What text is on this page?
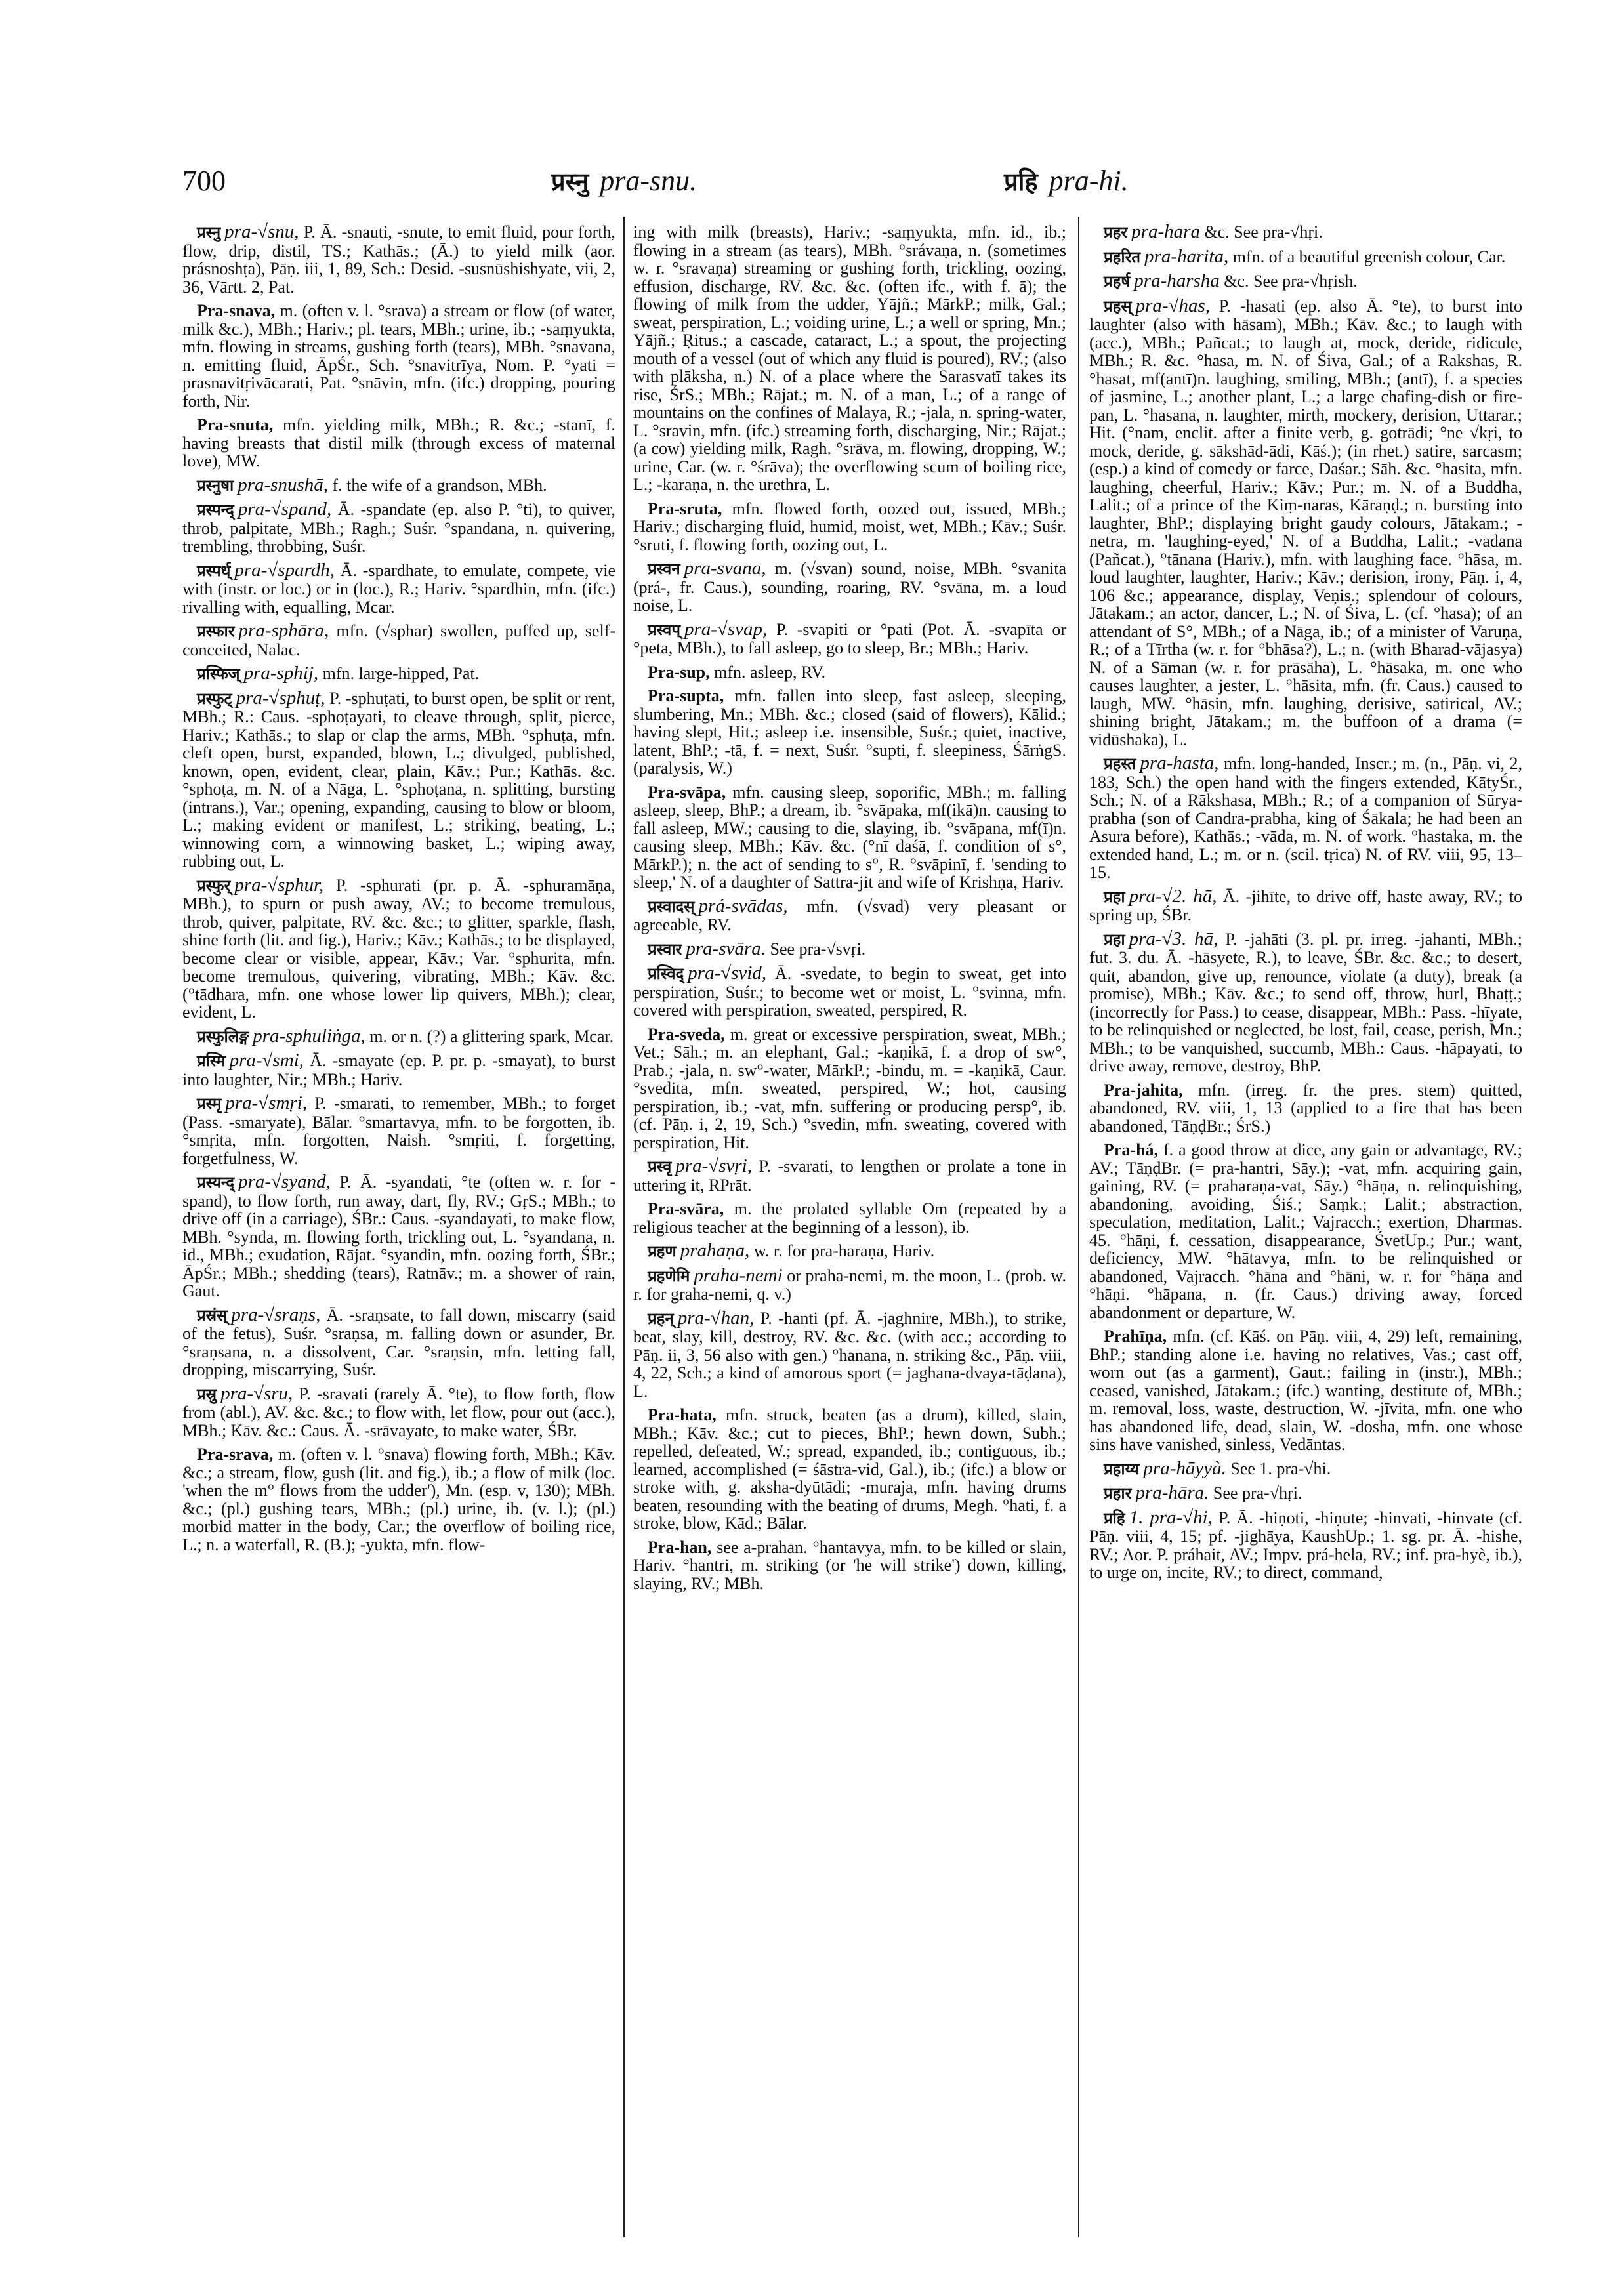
700	प्रस्नु pra-snu.	प्रहि pra-hi.

प्रस्नु pra-√snu, P. Ā. -snauti, -snute, to emit fluid, pour forth, flow, drip, distil, TS.; Kathās.; (Ā.) to yield milk (aor. prásnoshṭa), Pāṇ. iii, 1, 89, Sch.: Desid. -susnūshishyate, vii, 2, 36, Vārtt. 2, Pat.

Pra-snava, m. (often v. l. °srava) a stream or flow (of water, milk &c.), MBh.; Hariv.; pl. tears, MBh.; urine, ib.; -saṃyukta, mfn. flowing in streams, gushing forth (tears), MBh. °snavana, n. emitting fluid, ĀpŚr., Sch. °snavitrīya, Nom. P. °yati = prasnavitṛivācarati, Pat. °snāvin, mfn. (ifc.) dropping, pouring forth, Nir.

Pra-snuta, mfn. yielding milk, MBh.; R. &c.; -stanī, f. having breasts that distil milk (through excess of maternal love), MW.

प्रस्नुषा pra-snushā, f. the wife of a grandson, MBh.

प्रस्पन्द् pra-√spand, Ā. -spandate (ep. also P. °ti), to quiver, throb, palpitate, MBh.; Ragh.; Suśr. °spandana, n. quivering, trembling, throbbing, Suśr.

प्रस्पर्ध् pra-√spardh, Ā. -spardhate, to emulate, compete, vie with (instr. or loc.) or in (loc.), R.; Hariv. °spardhin, mfn. (ifc.) rivalling with, equalling, Mcar.

प्रस्फार pra-sphāra, mfn. (√sphar) swollen, puffed up, self-conceited, Nalac.

प्रस्फिज् pra-sphij, mfn. large-hipped, Pat.

प्रस्फुट् pra-√sphuṭ, P. -sphuṭati, to burst open, be split or rent, MBh.; R.: Caus. -sphoṭayati, to cleave through, split, pierce, Hariv.; Kathās.; to slap or clap the arms, MBh. °sphuṭa, mfn. cleft open, burst, expanded, blown, L.; divulged, published, known, open, evident, clear, plain, Kāv.; Pur.; Kathās. &c. °sphoṭa, m. N. of a Nāga, L. °sphoṭana, n. splitting, bursting (intrans.), Var.; opening, expanding, causing to blow or bloom, L.; making evident or manifest, L.; striking, beating, L.; winnowing corn, a winnowing basket, L.; wiping away, rubbing out, L.

प्रस्फुर् pra-√sphur, P. -sphurati (pr. p. Ā. -sphuramāṇa, MBh.), to spurn or push away, AV.; to become tremulous, throb, quiver, palpitate, RV. &c. &c.; to glitter, sparkle, flash, shine forth (lit. and fig.), Hariv.; Kāv.; Kathās.; to be displayed, become clear or visible, appear, Kāv.; Var. °sphurita, mfn. become tremulous, quivering, vibrating, MBh.; Kāv. &c. (°tādhara, mfn. one whose lower lip quivers, MBh.); clear, evident, L.

प्रस्फुलिङ्ग pra-sphuliṅga, m. or n. (?) a glittering spark, Mcar.

प्रस्मि pra-√smi, Ā. -smayate (ep. P. pr. p. -smayat), to burst into laughter, Nir.; MBh.; Hariv.

प्रस्मृ pra-√smṛi, P. -smarati, to remember, MBh.; to forget (Pass. -smaryate), Bālar. °smartavya, mfn. to be forgotten, ib. °smṛita, mfn. forgotten, Naish. °smṛiti, f. forgetting, forgetfulness, W.

प्रस्यन्द् pra-√syand, P. Ā. -syandati, °te (often w. r. for -spand), to flow forth, run away, dart, fly, RV.; GṛS.; MBh.; to drive off (in a carriage), ŚBr.: Caus. -syandayati, to make flow, MBh. °synda, m. flowing forth, trickling out, L. °syandana, n. id., MBh.; exudation, Rājat. °syandin, mfn. oozing forth, ŚBr.; ĀpŚr.; MBh.; shedding (tears), Ratnāv.; m. a shower of rain, Gaut.

प्रस्रंस् pra-√sraṇs, Ā. -sraṇsate, to fall down, miscarry (said of the fetus), Suśr. °sraṇsa, m. falling down or asunder, Br. °sraṇsana, n. a dissolvent, Car. °sraṇsin, mfn. letting fall, dropping, miscarrying, Suśr.

प्रस्रु pra-√sru, P. -sravati (rarely Ā. °te), to flow forth, flow from (abl.), AV. &c. &c.; to flow with, let flow, pour out (acc.), MBh.; Kāv. &c.: Caus. Ā. -srāvayate, to make water, ŚBr.

Pra-srava, m. (often v. l. °snava) flowing forth, MBh.; Kāv. &c.; a stream, flow, gush (lit. and fig.), ib.; a flow of milk (loc. 'when the m° flows from the udder'), Mn. (esp. v, 130); MBh. &c.; (pl.) gushing tears, MBh.; (pl.) urine, ib. (v. l.); (pl.) morbid matter in the body, Car.; the overflow of boiling rice, L.; n. a waterfall, R. (B.); -yukta, mfn. flow-

ing with milk (breasts), Hariv.; -saṃyukta, mfn. id., ib.; flowing in a stream (as tears), MBh. °srávaṇa, n. (sometimes w. r. °sravaṇa) streaming or gushing forth, trickling, oozing, effusion, discharge, RV. &c. &c. (often ifc., with f. ā); the flowing of milk from the udder, Yājñ.; MārkP.; milk, Gal.; sweat, perspiration, L.; voiding urine, L.; a well or spring, Mn.; Yājñ.; Ṛitus.; a cascade, cataract, L.; a spout, the projecting mouth of a vessel (out of which any fluid is poured), RV.; (also with plāksha, n.) N. of a place where the Sarasvatī takes its rise, ŚrS.; MBh.; Rājat.; m. N. of a man, L.; of a range of mountains on the confines of Malaya, R.; -jala, n. spring-water, L. °sravin, mfn. (ifc.) streaming forth, discharging, Nir.; Rājat.; (a cow) yielding milk, Ragh. °srāva, m. flowing, dropping, W.; urine, Car. (w. r. °śrāva); the overflowing scum of boiling rice, L.; -karaṇa, n. the urethra, L.

Pra-sruta, mfn. flowed forth, oozed out, issued, MBh.; Hariv.; discharging fluid, humid, moist, wet, MBh.; Kāv.; Suśr. °sruti, f. flowing forth, oozing out, L.

प्रस्वन pra-svana, m. (√svan) sound, noise, MBh. °svanita (prá-, fr. Caus.), sounding, roaring, RV. °svāna, m. a loud noise, L.

प्रस्वप् pra-√svap, P. -svapiti or °pati (Pot. Ā. -svapīta or °peta, MBh.), to fall asleep, go to sleep, Br.; MBh.; Hariv.

Pra-sup, mfn. asleep, RV.

Pra-supta, mfn. fallen into sleep, fast asleep, sleeping, slumbering, Mn.; MBh. &c.; closed (said of flowers), Kālid.; having slept, Hit.; asleep i.e. insensible, Suśr.; quiet, inactive, latent, BhP.; -tā, f. = next, Suśr. °supti, f. sleepiness, ŚārṅgS. (paralysis, W.)

Pra-svāpa, mfn. causing sleep, soporific, MBh.; m. falling asleep, sleep, BhP.; a dream, ib. °svāpaka, mf(ikā)n. causing to fall asleep, MW.; causing to die, slaying, ib. °svāpana, mf(ī)n. causing sleep, MBh.; Kāv. &c. (°nī daśā, f. condition of s°, MārkP.); n. the act of sending to s°, R. °svāpinī, f. 'sending to sleep,' N. of a daughter of Sattra-jit and wife of Krishṇa, Hariv.

प्रस्वादस् prá-svādas, mfn. (√svad) very pleasant or agreeable, RV.

प्रस्वार pra-svāra. See pra-√svṛi.

प्रस्विद् pra-√svid, Ā. -svedate, to begin to sweat, get into perspiration, Suśr.; to become wet or moist, L. °svinna, mfn. covered with perspiration, sweated, perspired, R.

Pra-sveda, m. great or excessive perspiration, sweat, MBh.; Vet.; Sāh.; m. an elephant, Gal.; -kaṇikā, f. a drop of sw°, Prab.; -jala, n. sw°-water, MārkP.; -bindu, m. = -kaṇikā, Caur. °svedita, mfn. sweated, perspired, W.; hot, causing perspiration, ib.; -vat, mfn. suffering or producing persp°, ib. (cf. Pāṇ. i, 2, 19, Sch.) °svedin, mfn. sweating, covered with perspiration, Hit.

प्रस्वृ pra-√svṛi, P. -svarati, to lengthen or prolate a tone in uttering it, RPrāt.

Pra-svāra, m. the prolated syllable Om (repeated by a religious teacher at the beginning of a lesson), ib.

प्रहण prahaṇa, w. r. for pra-haraṇa, Hariv.

प्रहणेमि praha-nemi or praha-nemi, m. the moon, L. (prob. w. r. for graha-nemi, q. v.)

प्रहन् pra-√han, P. -hanti (pf. Ā. -jaghnire, MBh.), to strike, beat, slay, kill, destroy, RV. &c. &c. (with acc.; according to Pāṇ. ii, 3, 56 also with gen.) °hanana, n. striking &c., Pāṇ. viii, 4, 22, Sch.; a kind of amorous sport (= jaghana-dvaya-tāḍana), L.

Pra-hata, mfn. struck, beaten (as a drum), killed, slain, MBh.; Kāv. &c.; cut to pieces, BhP.; hewn down, Subh.; repelled, defeated, W.; spread, expanded, ib.; contiguous, ib.; learned, accomplished (= śāstra-vid, Gal.), ib.; (ifc.) a blow or stroke with, g. aksha-dyūtādi; -muraja, mfn. having drums beaten, resounding with the beating of drums, Megh. °hati, f. a stroke, blow, Kād.; Bālar.

Pra-han, see a-prahan. °hantavya, mfn. to be killed or slain, Hariv. °hantri, m. striking (or 'he will strike') down, killing, slaying, RV.; MBh.

प्रहर pra-hara &c. See pra-√hṛi.

प्रहरित pra-harita, mfn. of a beautiful greenish colour, Car.

प्रहर्ष pra-harsha &c. See pra-√hṛish.

प्रहस् pra-√has, P. -hasati (ep. also Ā. °te), to burst into laughter (also with hāsam), MBh.; Kāv. &c.; to laugh with (acc.), MBh.; Pañcat.; to laugh at, mock, deride, ridicule, MBh.; R. &c. °hasa, m. N. of Śiva, Gal.; of a Rakshas, R. °hasat, mf(antī)n. laughing, smiling, MBh.; (antī), f. a species of jasmine, L.; another plant, L.; a large chafing-dish or fire-pan, L. °hasana, n. laughter, mirth, mockery, derision, Uttarar.; Hit. (°nam, enclit. after a finite verb, g. gotrādi; °ne √kṛi, to mock, deride, g. sākshād-ādi, Kāś.); (in rhet.) satire, sarcasm; (esp.) a kind of comedy or farce, Daśar.; Sāh. &c. °hasita, mfn. laughing, cheerful, Hariv.; Kāv.; Pur.; m. N. of a Buddha, Lalit.; of a prince of the Kiṃ-naras, Kāraṇḍ.; n. bursting into laughter, BhP.; displaying bright gaudy colours, Jātakam.; -netra, m. 'laughing-eyed,' N. of a Buddha, Lalit.; -vadana (Pañcat.), °tānana (Hariv.), mfn. with laughing face. °hāsa, m. loud laughter, laughter, Hariv.; Kāv.; derision, irony, Pāṇ. i, 4, 106 &c.; appearance, display, Veṇis.; splendour of colours, Jātakam.; an actor, dancer, L.; N. of Śiva, L. (cf. °hasa); of an attendant of S°, MBh.; of a Nāga, ib.; of a minister of Varuṇa, R.; of a Tīrtha (w. r. for °bhāsa?), L.; n. (with Bharad-vājasya) N. of a Sāman (w. r. for prāsāha), L. °hāsaka, m. one who causes laughter, a jester, L. °hāsita, mfn. (fr. Caus.) caused to laugh, MW. °hāsin, mfn. laughing, derisive, satirical, AV.; shining bright, Jātakam.; m. the buffoon of a drama (= vidūshaka), L.

प्रहस्त pra-hasta, mfn. long-handed, Inscr.; m. (n., Pāṇ. vi, 2, 183, Sch.) the open hand with the fingers extended, KātyŚr., Sch.; N. of a Rākshasa, MBh.; R.; of a companion of Sūrya-prabha (son of Candra-prabha, king of Śākala; he had been an Asura before), Kathās.; -vāda, m. N. of work. °hastaka, m. the extended hand, L.; m. or n. (scil. tṛica) N. of RV. viii, 95, 13–15.

प्रहा pra-√2. hā, Ā. -jihīte, to drive off, haste away, RV.; to spring up, ŚBr.

प्रहा pra-√3. hā, P. -jahāti (3. pl. pr. irreg. -jahanti, MBh.; fut. 3. du. Ā. -hāsyete, R.), to leave, ŚBr. &c. &c.; to desert, quit, abandon, give up, renounce, violate (a duty), break (a promise), MBh.; Kāv. &c.; to send off, throw, hurl, Bhaṭṭ.; (incorrectly for Pass.) to cease, disappear, MBh.: Pass. -hīyate, to be relinquished or neglected, be lost, fail, cease, perish, Mn.; MBh.; to be vanquished, succumb, MBh.: Caus. -hāpayati, to drive away, remove, destroy, BhP.

Pra-jahita, mfn. (irreg. fr. the pres. stem) quitted, abandoned, RV. viii, 1, 13 (applied to a fire that has been abandoned, TāṇḍBr.; ŚrS.)

Pra-há, f. a good throw at dice, any gain or advantage, RV.; AV.; TāṇḍBr. (= pra-hantri, Sāy.); -vat, mfn. acquiring gain, gaining, RV. (= praharaṇa-vat, Sāy.) °hāṇa, n. relinquishing, abandoning, avoiding, Śiś.; Saṃk.; Lalit.; abstraction, speculation, meditation, Lalit.; Vajracch.; exertion, Dharmas. 45. °hāṇi, f. cessation, disappearance, ŚvetUp.; Pur.; want, deficiency, MW. °hātavya, mfn. to be relinquished or abandoned, Vajracch. °hāna and °hāni, w. r. for °hāṇa and °hāṇi. °hāpana, n. (fr. Caus.) driving away, forced abandonment or departure, W.

Prahīṇa, mfn. (cf. Kāś. on Pāṇ. viii, 4, 29) left, remaining, BhP.; standing alone i.e. having no relatives, Vas.; cast off, worn out (as a garment), Gaut.; failing in (instr.), MBh.; ceased, vanished, Jātakam.; (ifc.) wanting, destitute of, MBh.; m. removal, loss, waste, destruction, W. -jīvita, mfn. one who has abandoned life, dead, slain, W. -dosha, mfn. one whose sins have vanished, sinless, Vedāntas.

प्रहाय्य pra-hāyyà. See 1. pra-√hi.

प्रहार pra-hāra. See pra-√hṛi.

प्रहि 1. pra-√hi, P. Ā. -hiṇoti, -hiṇute; -hinvati, -hinvate (cf. Pāṇ. viii, 4, 15; pf. -jighāya, KaushUp.; 1. sg. pr. Ā. -hishe, RV.; Aor. P. práhait, AV.; Impv. prá-hela, RV.; inf. pra-hyè, ib.), to urge on, incite, RV.; to direct, command,
